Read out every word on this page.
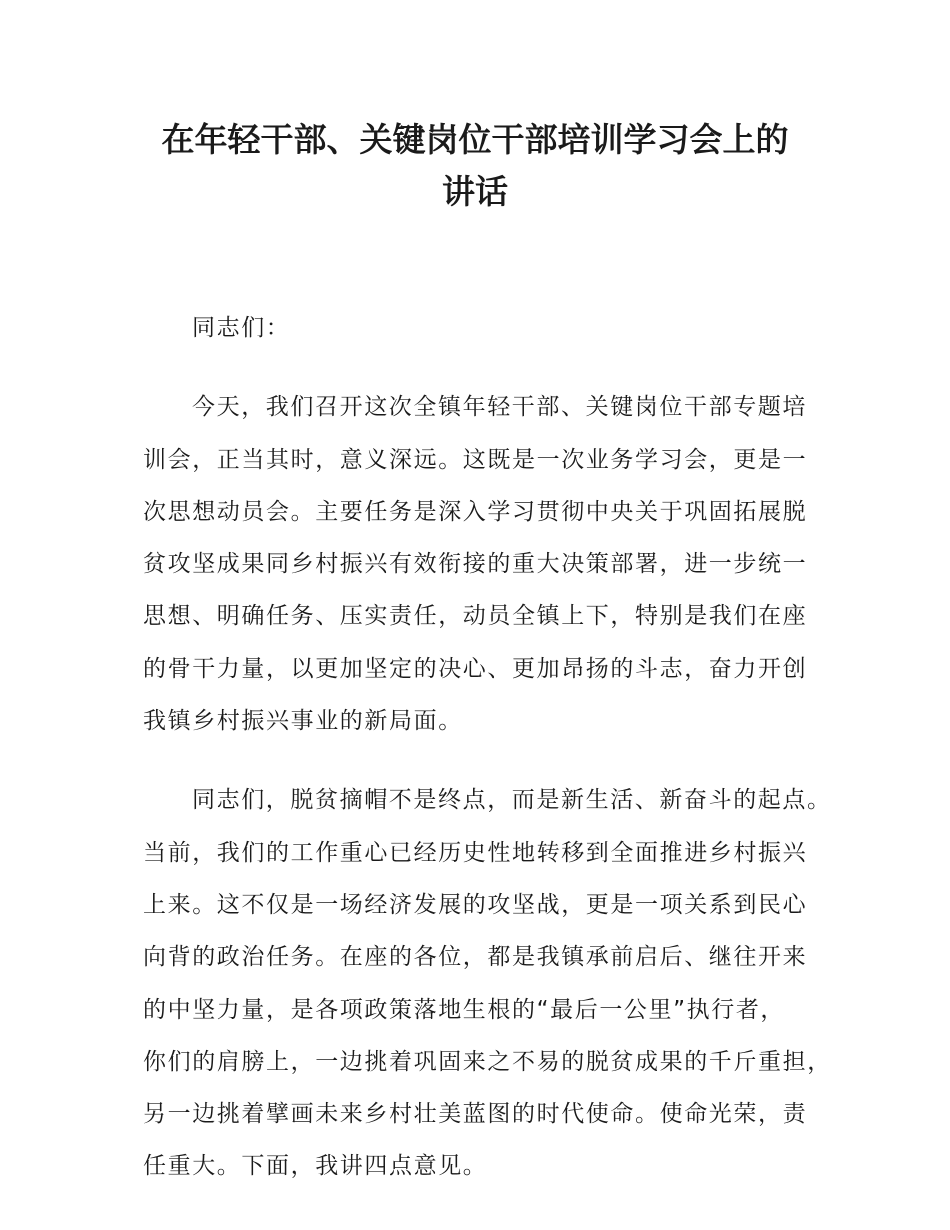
在年轻干部、关键岗位干部培训学习会上的
讲话
同志们：
今天，我们召开这次全镇年轻干部、关键岗位干部专题培
训会，正当其时，意义深远。这既是一次业务学习会，更是一
次思想动员会。主要任务是深入学习贯彻中央关于巩固拓展脱
贫攻坚成果同乡村振兴有效衔接的重大决策部署，进一步统一
思想、明确任务、压实责任，动员全镇上下，特别是我们在座
的骨干力量，以更加坚定的决心、更加昂扬的斗志，奋力开创
我镇乡村振兴事业的新局面。
同志们，脱贫摘帽不是终点，而是新生活、新奋斗的起点。
当前，我们的工作重心已经历史性地转移到全面推进乡村振兴
上来。这不仅是一场经济发展的攻坚战，更是一项关系到民心
向背的政治任务。在座的各位，都是我镇承前启后、继往开来
的中坚力量，是各项政策落地生根的“最后一公里”执行者，
你们的肩膀上，一边挑着巩固来之不易的脱贫成果的千斤重担，
另一边挑着擘画未来乡村壮美蓝图的时代使命。使命光荣，责
任重大。下面，我讲四点意见。
